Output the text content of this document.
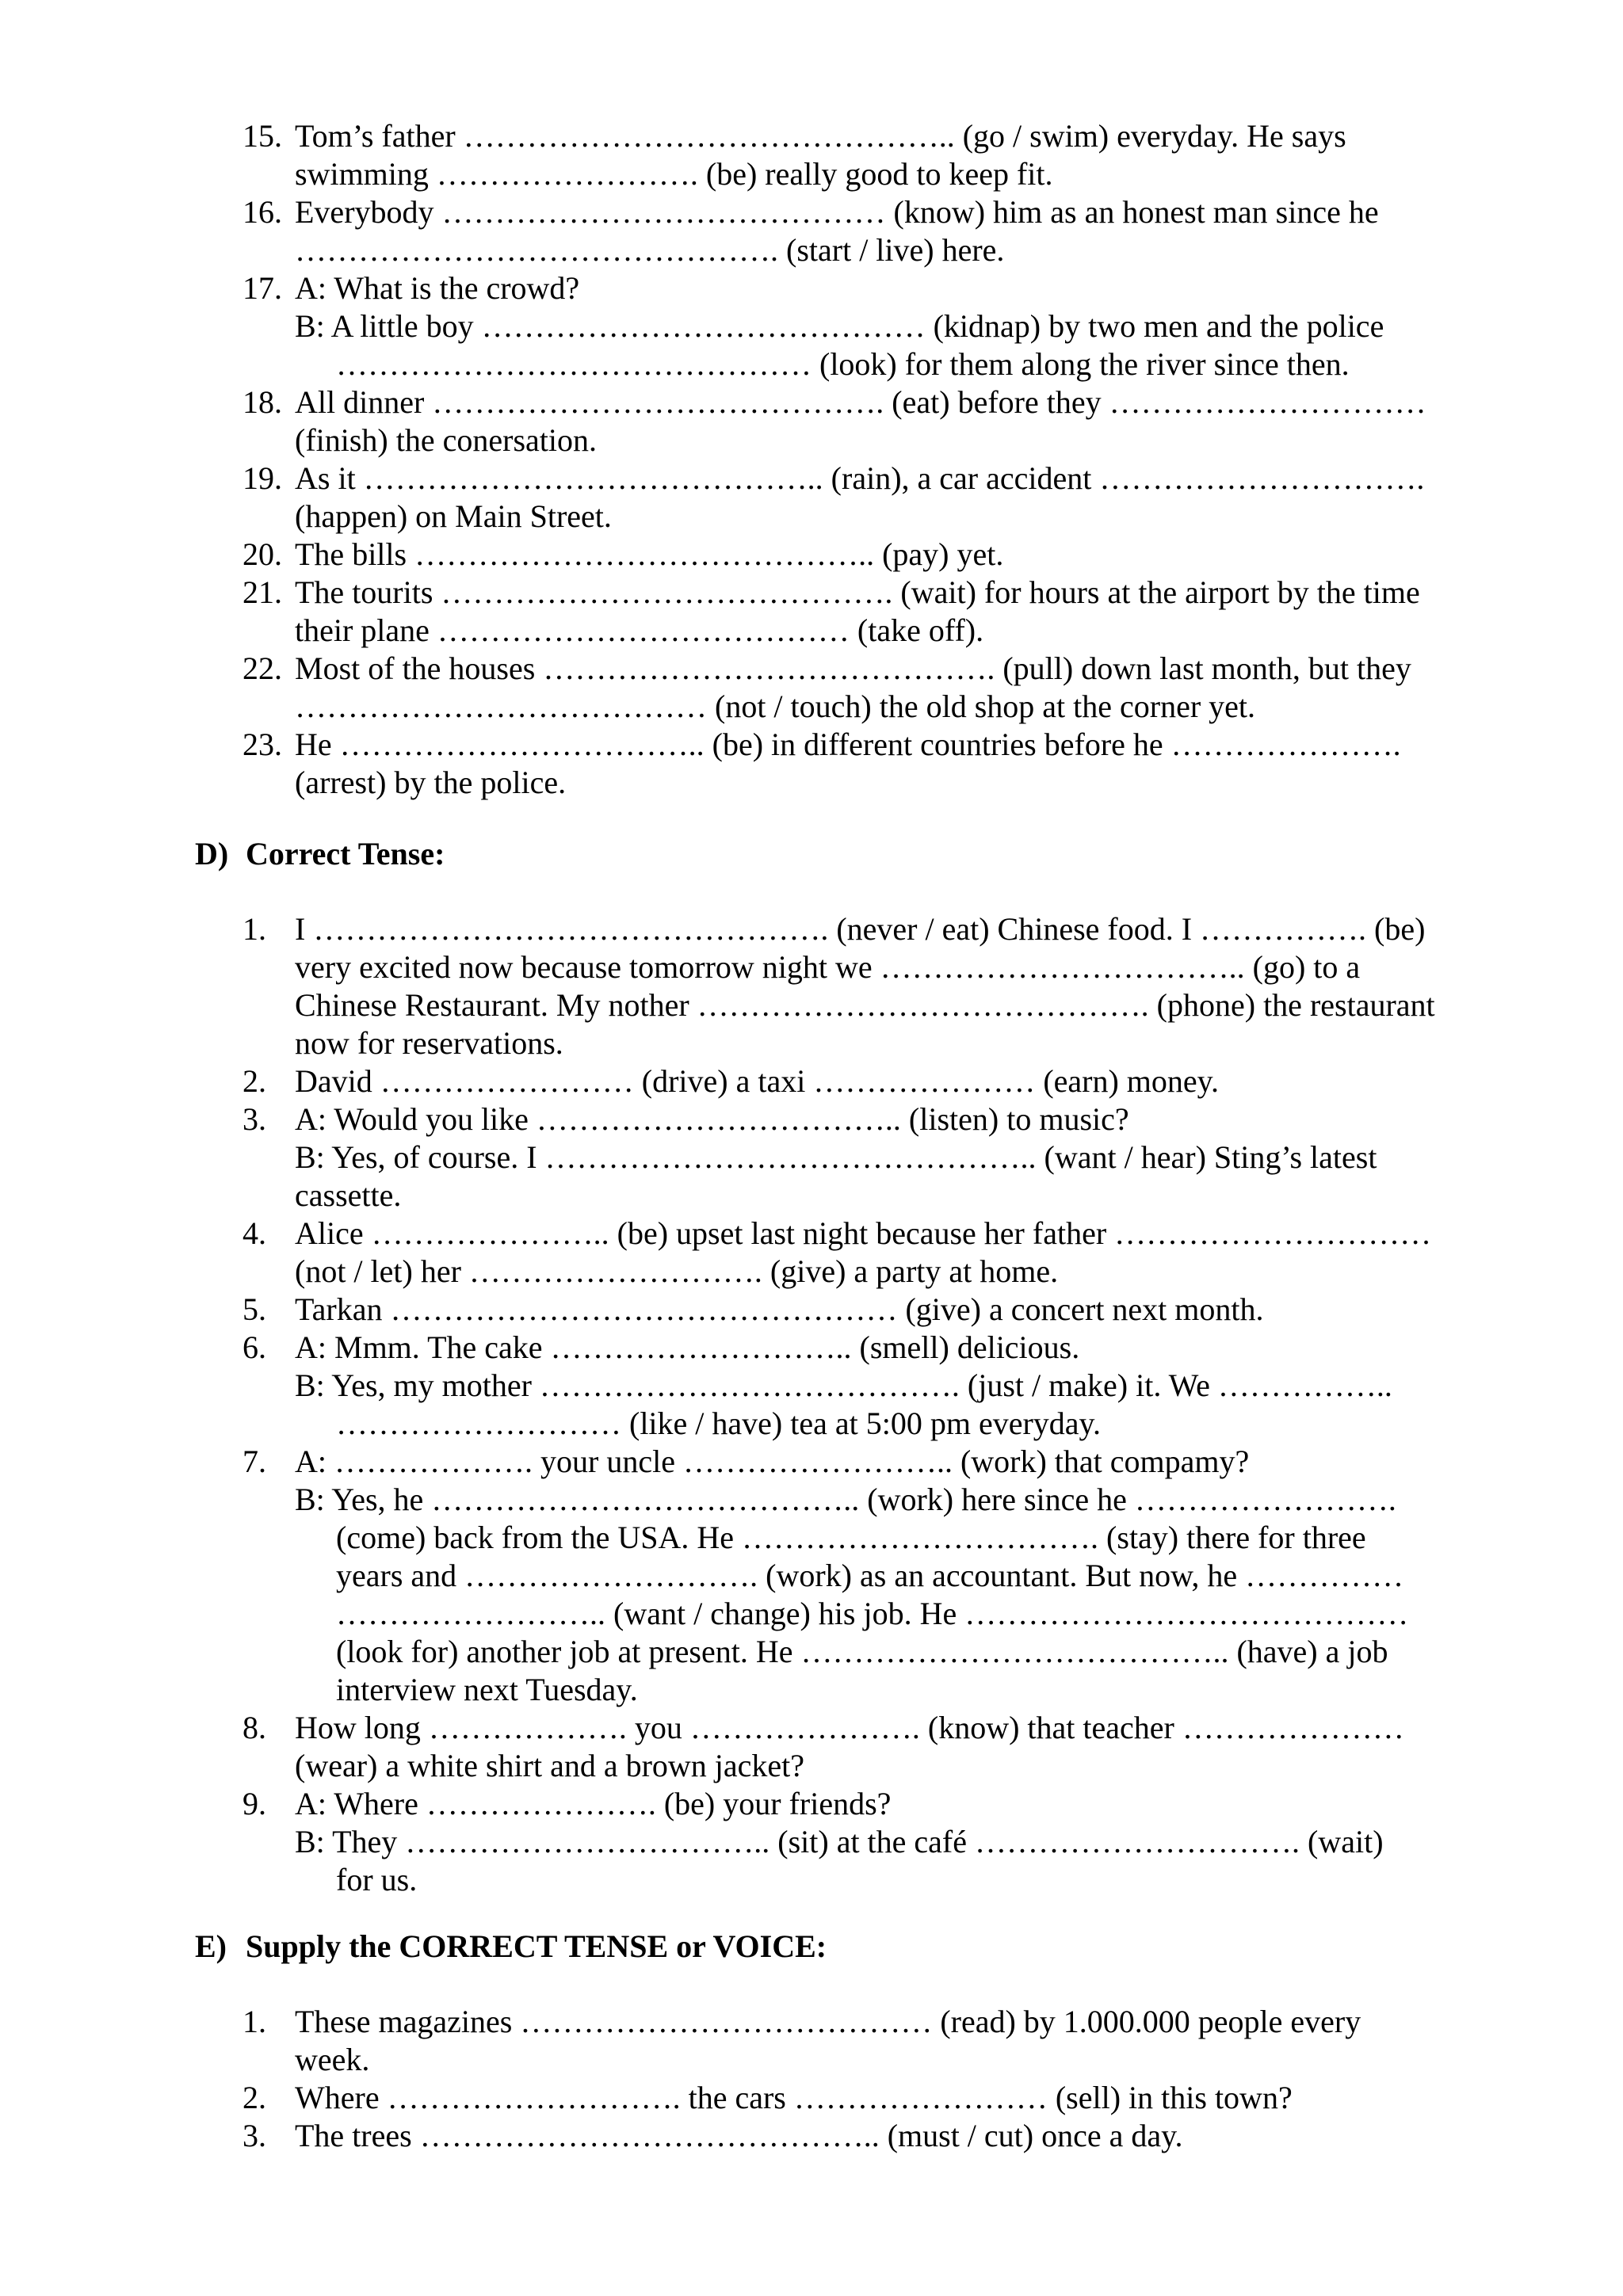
15. Tom’s father ……………………………………….. (go / swim) everyday. He says
swimming ……………………. (be) really good to keep fit.
16. Everybody …………………………………… (know) him as an honest man since he
………………………………………. (start / live) here.
17. A: What is the crowd?
B: A little boy …………………………………… (kidnap) by two men and the police
……………………………………… (look) for them along the river since then.
18. All dinner ……………………………………. (eat) before they …………………………
(finish) the conersation.
19. As it …………………………………….. (rain), a car accident ………………………….
(happen) on Main Street.
20. The bills …………………………………….. (pay) yet.
21. The tourits ……………………………………. (wait) for hours at the airport by the time
their plane ………………………………… (take off).
22. Most of the houses ……………………………………. (pull) down last month, but they
………………………………… (not / touch) the old shop at the corner yet.
23. He …………………………….. (be) in different countries before he ………………….
(arrest) by the police.
D) Correct Tense:
1. I …………………………………………. (never / eat) Chinese food. I ……………. (be)
very excited now because tomorrow night we …………………………….. (go) to a
Chinese Restaurant. My nother ……………………………………. (phone) the restaurant
now for reservations.
2. David …………………… (drive) a taxi ………………… (earn) money.
3. A: Would you like …………………………….. (listen) to music?
B: Yes, of course. I ……………………………………….. (want / hear) Sting’s latest
cassette.
4. Alice ………………….. (be) upset last night because her father …………………………
(not / let) her ………………………. (give) a party at home.
5. Tarkan ………………………………………… (give) a concert next month.
6. A: Mmm. The cake ……………………….. (smell) delicious.
B: Yes, my mother …………………………………. (just / make) it. We ……………..
……………………… (like / have) tea at 5:00 pm everyday.
7. A: ………………. your uncle …………………….. (work) that compamy?
B: Yes, he ………………………………….. (work) here since he …………………….
(come) back from the USA. He ……………………………. (stay) there for three
years and ………………………. (work) as an accountant. But now, he ……………
…………………….. (want / change) his job. He ……………………………………
(look for) another job at present. He ………………………………….. (have) a job
interview next Tuesday.
8. How long ………………. you …………………. (know) that teacher …………………
(wear) a white shirt and a brown jacket?
9. A: Where …………………. (be) your friends?
B: They …………………………….. (sit) at the café …………………………. (wait)
for us.
E) Supply the CORRECT TENSE or VOICE:
1. These magazines ………………………………… (read) by 1.000.000 people every
week.
2. Where ………………………. the cars …………………… (sell) in this town?
3. The trees …………………………………….. (must / cut) once a day.
